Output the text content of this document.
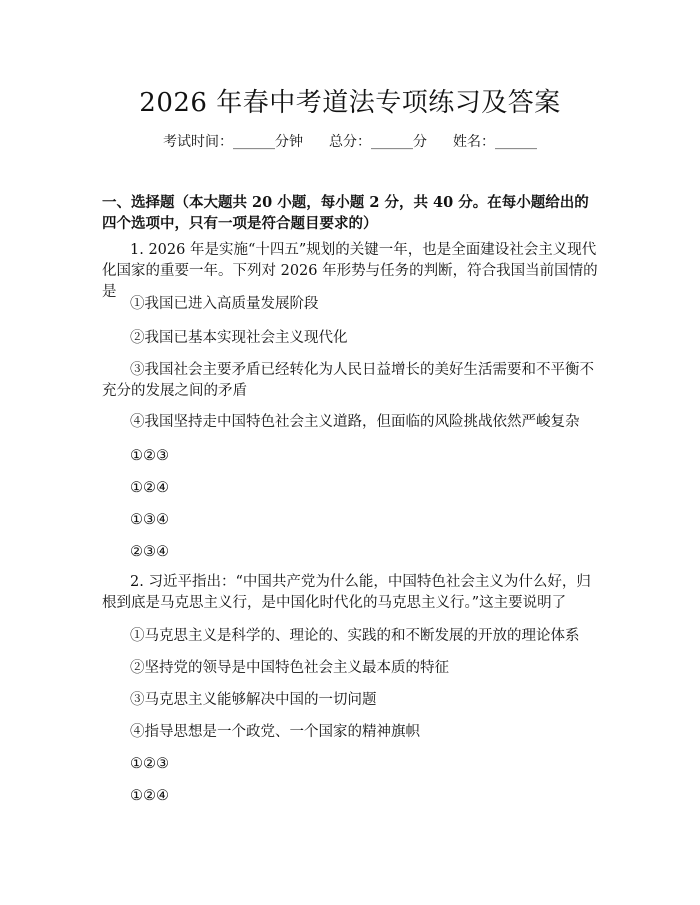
2026 年春中考道法专项练习及答案
考试时间：______分钟 总分：______分 姓名：______
一、选择题（本大题共 20 小题，每小题 2 分，共 40 分。在每小题给出的四个选项中，只有一项是符合题目要求的）
1. 2026 年是实施“十四五”规划的关键一年，也是全面建设社会主义现代化国家的重要一年。下列对 2026 年形势与任务的判断，符合我国当前国情的是
①我国已进入高质量发展阶段
②我国已基本实现社会主义现代化
③我国社会主要矛盾已经转化为人民日益增长的美好生活需要和不平衡不充分的发展之间的矛盾
④我国坚持走中国特色社会主义道路，但面临的风险挑战依然严峻复杂
①②③
①②④
①③④
②③④
2. 习近平指出：“中国共产党为什么能，中国特色社会主义为什么好，归根到底是马克思主义行，是中国化时代化的马克思主义行。”这主要说明了
①马克思主义是科学的、理论的、实践的和不断发展的开放的理论体系
②坚持党的领导是中国特色社会主义最本质的特征
③马克思主义能够解决中国的一切问题
④指导思想是一个政党、一个国家的精神旗帜
①②③
①②④
